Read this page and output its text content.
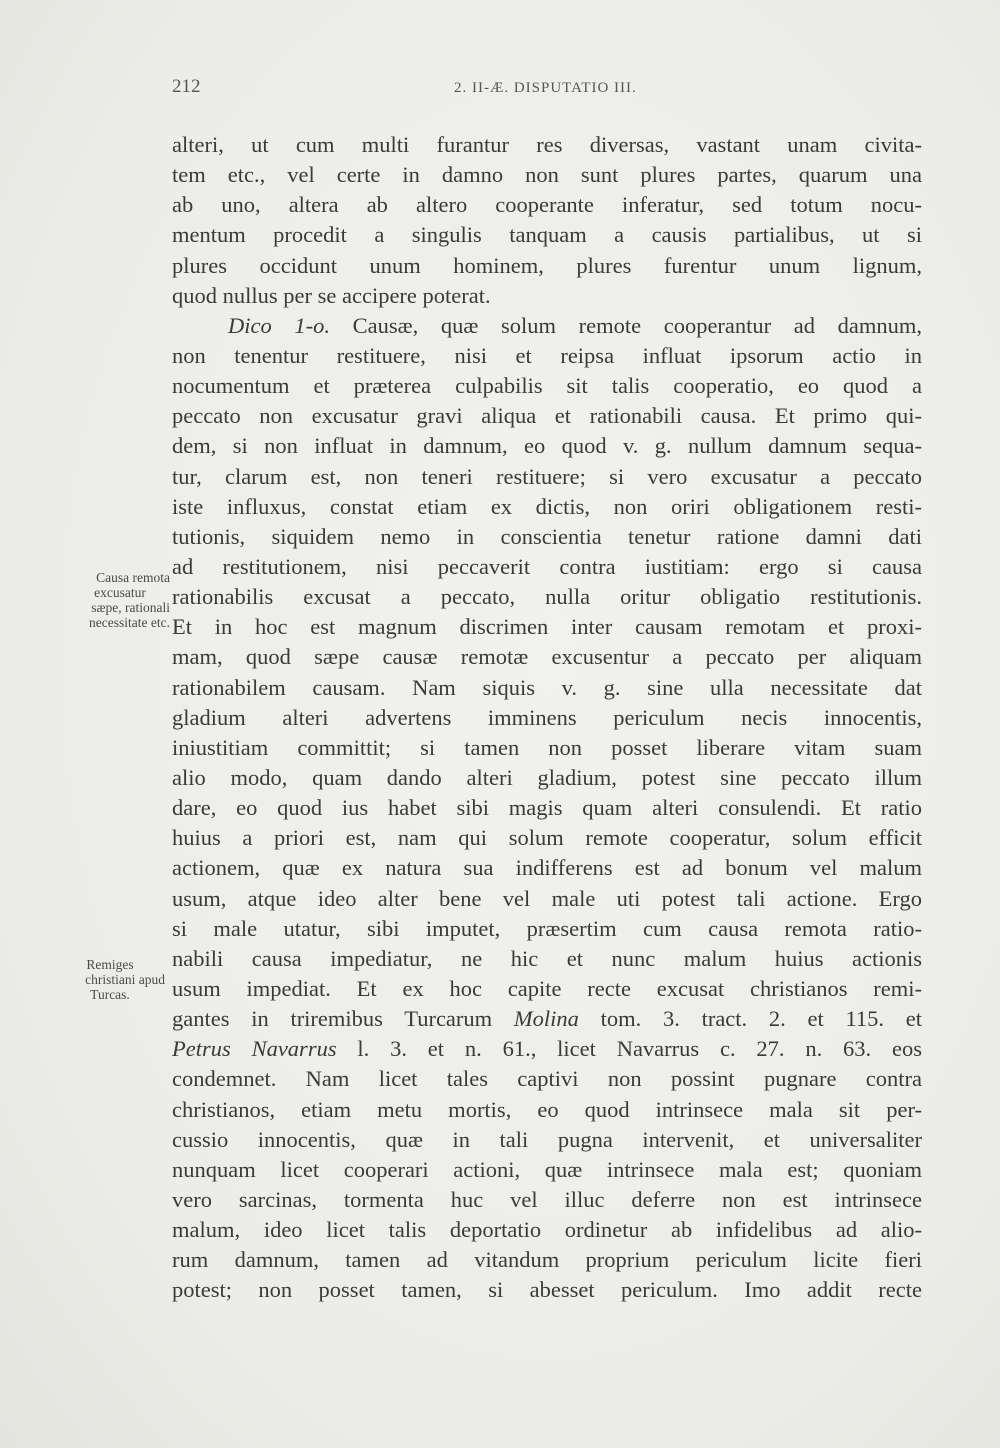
212	2. II-Æ. DISPUTATIO III.
alteri, ut cum multi furantur res diversas, vastant unam civita-
tem etc., vel certe in damno non sunt plures partes, quarum una
ab uno, altera ab altero cooperante inferatur, sed totum nocu-
mentum procedit a singulis tanquam a causis partialibus, ut si
plures occidunt unum hominem, plures furentur unum lignum,
quod nullus per se accipere poterat.
Dico 1-o. Causæ, quæ solum remote cooperantur ad damnum,
non tenentur restituere, nisi et reipsa influat ipsorum actio in
nocumentum et præterea culpabilis sit talis cooperatio, eo quod a
peccato non excusatur gravi aliqua et rationabili causa. Et primo qui-
dem, si non influat in damnum, eo quod v. g. nullum damnum sequa-
tur, clarum est, non teneri restituere; si vero excusatur a peccato
iste influxus, constat etiam ex dictis, non oriri obligationem resti-
tutionis, siquidem nemo in conscientia tenetur ratione damni dati
ad restitutionem, nisi peccaverit contra iustitiam: ergo si causa
rationabilis excusat a peccato, nulla oritur obligatio restitutionis.
Et in hoc est magnum discrimen inter causam remotam et proxi-
mam, quod sæpe causæ remotæ excusentur a peccato per aliquam
rationabilem causam. Nam siquis v. g. sine ulla necessitate dat
gladium alteri advertens imminens periculum necis innocentis,
iniustitiam committit; si tamen non posset liberare vitam suam
alio modo, quam dando alteri gladium, potest sine peccato illum
dare, eo quod ius habet sibi magis quam alteri consulendi. Et ratio
huius a priori est, nam qui solum remote cooperatur, solum efficit
actionem, quæ ex natura sua indifferens est ad bonum vel malum
usum, atque ideo alter bene vel male uti potest tali actione. Ergo
si male utatur, sibi imputet, præsertim cum causa remota ratio-
nabili causa impediatur, ne hic et nunc malum huius actionis
usum impediat. Et ex hoc capite recte excusat christianos remi-
gantes in triremibus Turcarum Molina tom. 3. tract. 2. et 115. et
Petrus Navarrus l. 3. et n. 61., licet Navarrus c. 27. n. 63. eos
condemnet. Nam licet tales captivi non possint pugnare contra
christianos, etiam metu mortis, eo quod intrinsece mala sit per-
cussio innocentis, quæ in tali pugna intervenit, et universaliter
nunquam licet cooperari actioni, quæ intrinsece mala est; quoniam
vero sarcinas, tormenta huc vel illuc deferre non est intrinsece
malum, ideo licet talis deportatio ordinetur ab infidelibus ad alio-
rum damnum, tamen ad vitandum proprium periculum licite fieri
potest; non posset tamen, si abesset periculum. Imo addit recte
Causa remota
excusatur
sæpe, rationali
necessitate etc.
Remiges
christiani apud
Turcas.
